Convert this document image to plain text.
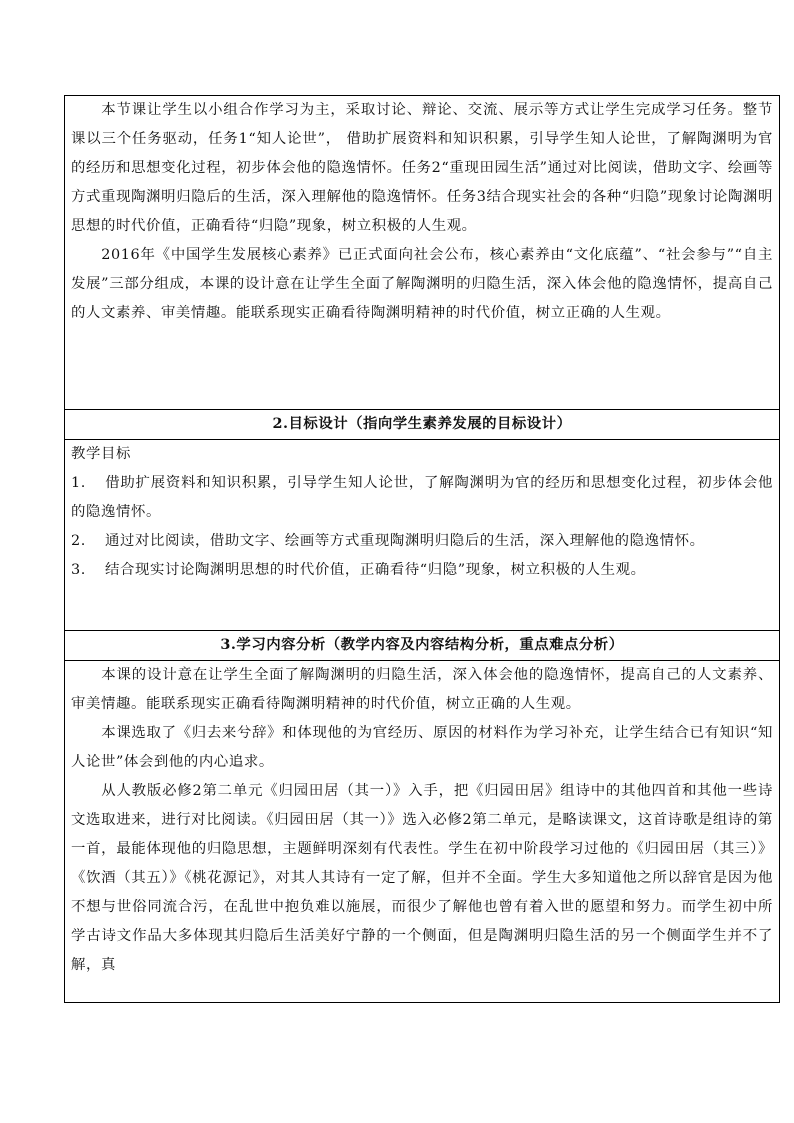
本节课让学生以小组合作学习为主，采取讨论、辩论、交流、展示等方式让学生完成学习任务。整节课以三个任务驱动，任务1“知人论世”， 借助扩展资料和知识积累，引导学生知人论世，了解陶渊明为官的经历和思想变化过程，初步体会他的隐逸情怀。任务2“重现田园生活”通过对比阅读，借助文字、绘画等方式重现陶渊明归隐后的生活，深入理解他的隐逸情怀。任务3结合现实社会的各种“归隐”现象讨论陶渊明思想的时代价值，正确看待“归隐”现象，树立积极的人生观。

2016年《中国学生发展核心素养》已正式面向社会公布，核心素养由“文化底蕴”、“社会参与”“自主发展”三部分组成，本课的设计意在让学生全面了解陶渊明的归隐生活，深入体会他的隐逸情怀，提高自己的人文素养、审美情趣。能联系现实正确看待陶渊明精神的时代价值，树立正确的人生观。

2.目标设计（指向学生素养发展的目标设计）

教学目标

1. 借助扩展资料和知识积累，引导学生知人论世，了解陶渊明为官的经历和思想变化过程，初步体会他的隐逸情怀。

2. 通过对比阅读，借助文字、绘画等方式重现陶渊明归隐后的生活，深入理解他的隐逸情怀。

3. 结合现实讨论陶渊明思想的时代价值，正确看待“归隐”现象，树立积极的人生观。

3.学习内容分析（教学内容及内容结构分析，重点难点分析）

本课的设计意在让学生全面了解陶渊明的归隐生活，深入体会他的隐逸情怀，提高自己的人文素养、审美情趣。能联系现实正确看待陶渊明精神的时代价值，树立正确的人生观。

本课选取了《归去来兮辞》和体现他的为官经历、原因的材料作为学习补充，让学生结合已有知识“知人论世”体会到他的内心追求。

从人教版必修2第二单元《归园田居（其一）》入手，把《归园田居》组诗中的其他四首和其他一些诗文选取进来，进行对比阅读。《归园田居（其一）》选入必修2第二单元，是略读课文，这首诗歌是组诗的第一首，最能体现他的归隐思想，主题鲜明深刻有代表性。学生在初中阶段学习过他的《归园田居（其三）》《饮酒（其五）》《桃花源记》，对其人其诗有一定了解，但并不全面。学生大多知道他之所以辞官是因为他不想与世俗同流合污，在乱世中抱负难以施展，而很少了解他也曾有着入世的愿望和努力。而学生初中所学古诗文作品大多体现其归隐后生活美好宁静的一个侧面，但是陶渊明归隐生活的另一个侧面学生并不了解，真
